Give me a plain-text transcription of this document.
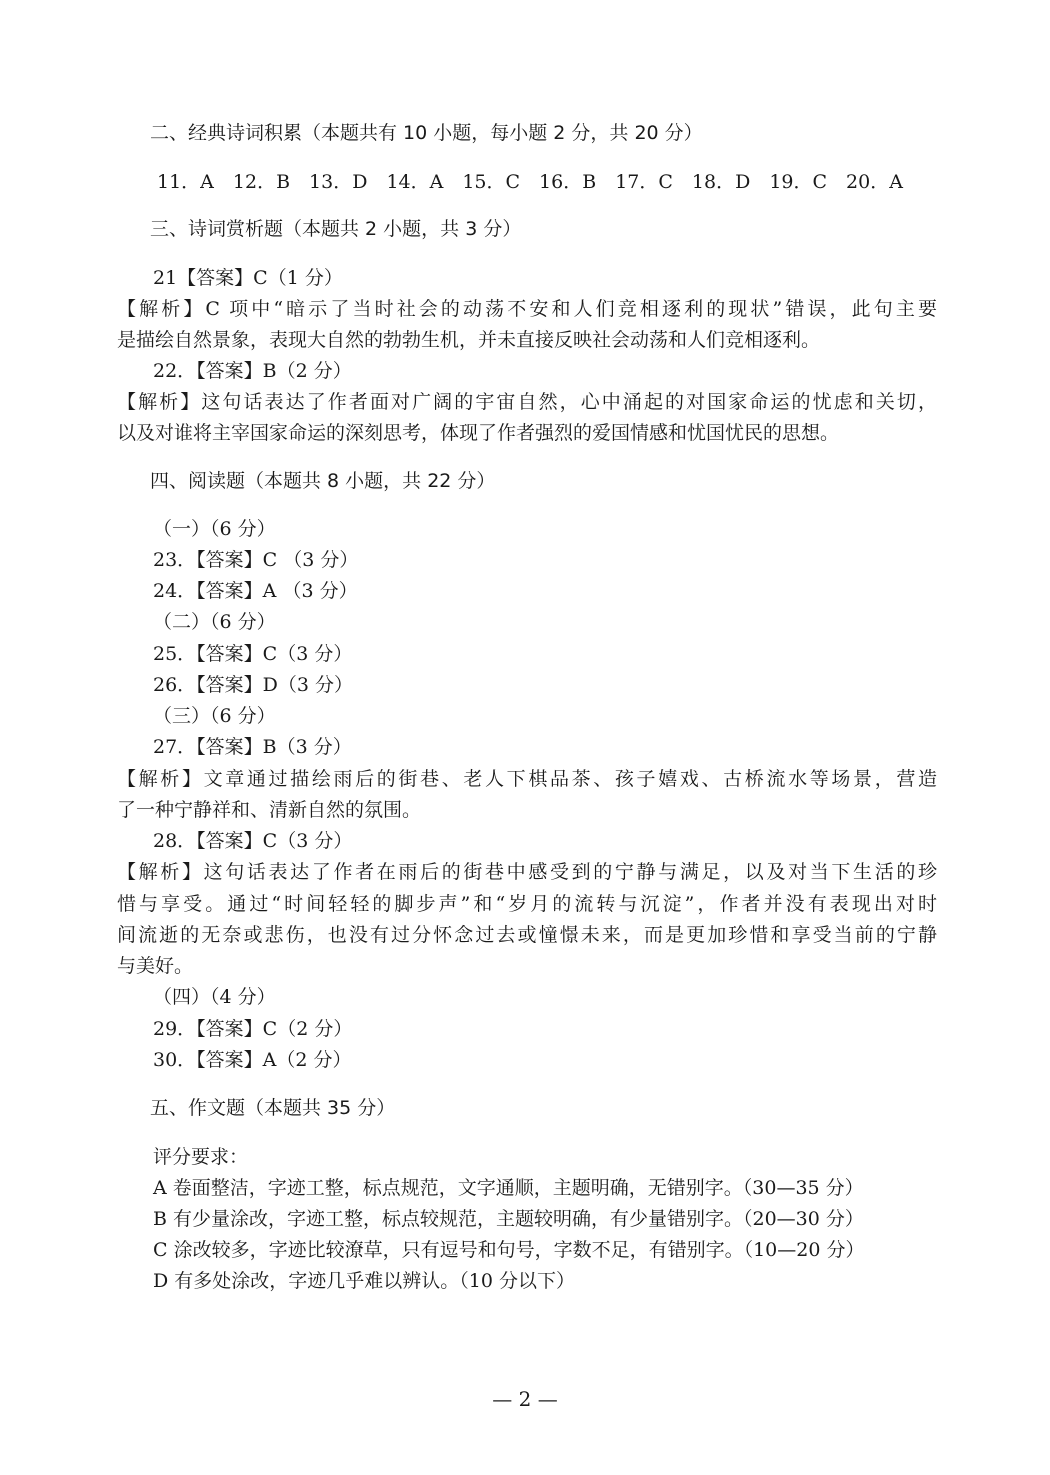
二、经典诗词积累（本题共有 10 小题，每小题 2 分，共 20 分）
11．A　12．B　13．D　14．A　15．C　16．B　17．C　18．D　19．C　20．A
三、诗词赏析题（本题共 2 小题，共 3 分）
21【答案】C（1 分）
【解析】C 项中“暗示了当时社会的动荡不安和人们竞相逐利的现状”错误，此句主要
是描绘自然景象，表现大自然的勃勃生机，并未直接反映社会动荡和人们竞相逐利。
22．【答案】B（2 分）
【解析】这句话表达了作者面对广阔的宇宙自然，心中涌起的对国家命运的忧虑和关切，
以及对谁将主宰国家命运的深刻思考，体现了作者强烈的爱国情感和忧国忧民的思想。
四、阅读题（本题共 8 小题，共 22 分）
（一）（6 分）
23．【答案】C （3 分）
24．【答案】A （3 分）
（二）（6 分）
25．【答案】C（3 分）
26．【答案】D（3 分）
（三）（6 分）
27．【答案】B（3 分）
【解析】文章通过描绘雨后的街巷、老人下棋品茶、孩子嬉戏、古桥流水等场景，营造
了一种宁静祥和、清新自然的氛围。
28．【答案】C（3 分）
【解析】这句话表达了作者在雨后的街巷中感受到的宁静与满足，以及对当下生活的珍
惜与享受。通过“时间轻轻的脚步声”和“岁月的流转与沉淀”，作者并没有表现出对时
间流逝的无奈或悲伤，也没有过分怀念过去或憧憬未来，而是更加珍惜和享受当前的宁静
与美好。
（四）（4 分）
29．【答案】C（2 分）
30．【答案】A（2 分）
五、作文题（本题共 35 分）
评分要求：
A 卷面整洁，字迹工整，标点规范，文字通顺，主题明确，无错别字。（30—35 分）
B 有少量涂改，字迹工整，标点较规范，主题较明确，有少量错别字。（20—30 分）
C 涂改较多，字迹比较潦草，只有逗号和句号，字数不足，有错别字。（10—20 分）
D 有多处涂改，字迹几乎难以辨认。（10 分以下）
— 2 —
